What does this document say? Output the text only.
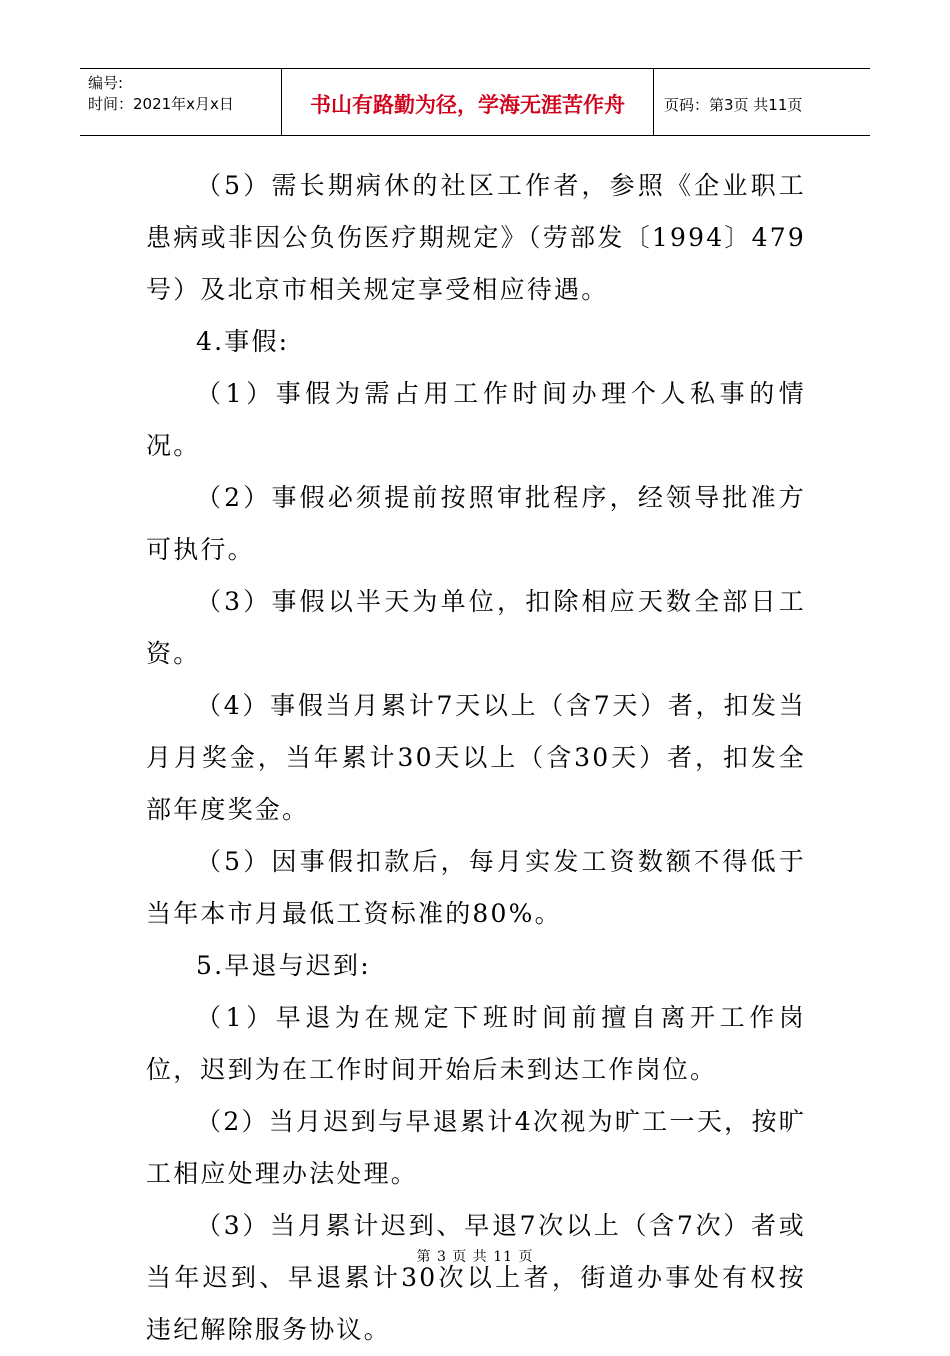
编号:
时间：2021年x月x日	书山有路勤为径，学海无涯苦作舟	页码：第3页 共11页

（5）需长期病休的社区工作者，参照《企业职工患病或非因公负伤医疗期规定》（劳部发〔1994〕479号）及北京市相关规定享受相应待遇。

4.事假:

（1）事假为需占用工作时间办理个人私事的情况。

（2）事假必须提前按照审批程序，经领导批准方可执行。

（3）事假以半天为单位，扣除相应天数全部日工资。

（4）事假当月累计7天以上（含7天）者，扣发当月月奖金，当年累计30天以上（含30天）者，扣发全部年度奖金。

（5）因事假扣款后，每月实发工资数额不得低于当年本市月最低工资标准的80%。

5.早退与迟到:

（1）早退为在规定下班时间前擅自离开工作岗位，迟到为在工作时间开始后未到达工作岗位。

（2）当月迟到与早退累计4次视为旷工一天，按旷工相应处理办法处理。

（3）当月累计迟到、早退7次以上（含7次）者或当年迟到、早退累计30次以上者，街道办事处有权按违纪解除服务协议。

第 3 页 共 11 页
